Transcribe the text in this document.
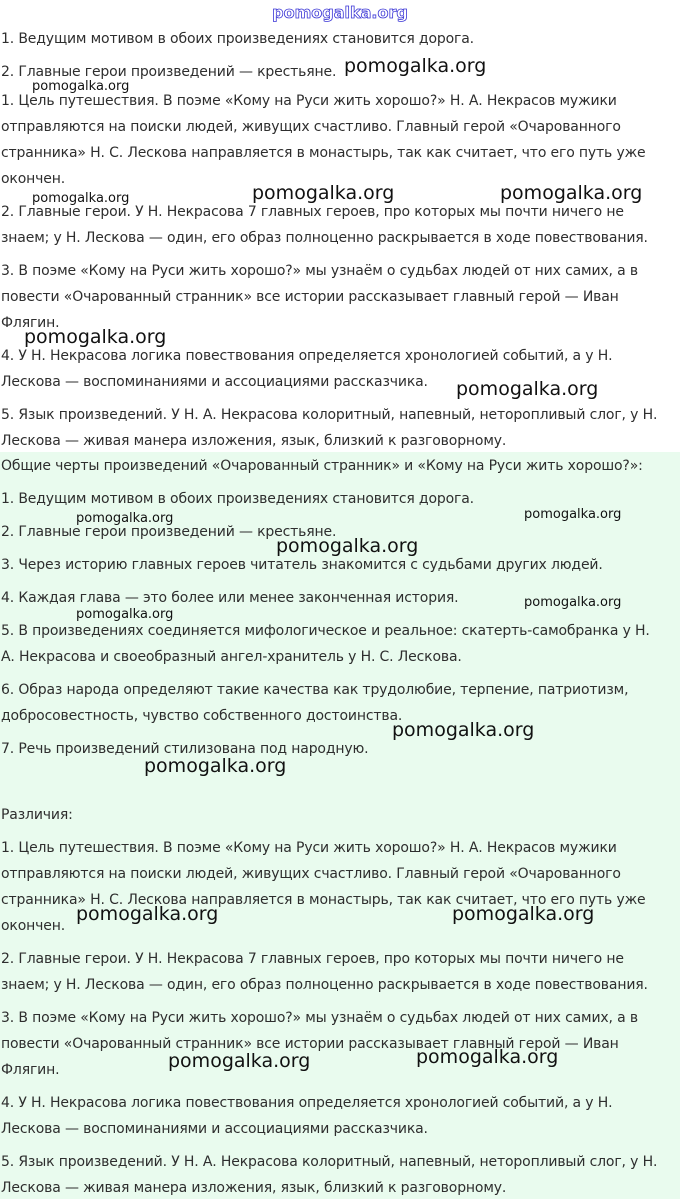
pomogalka.org
1. Ведущим мотивом в обоих произведениях становится дорога.
2. Главные герои произведений — крестьяне.
1. Цель путешествия. В поэме «Кому на Руси жить хорошо?» Н. А. Некрасов мужики
отправляются на поиски людей, живущих счастливо. Главный герой «Очарованного
странника» Н. С. Лескова направляется в монастырь, так как считает, что его путь уже
окончен.
2. Главные герои. У Н. Некрасова 7 главных героев, про которых мы почти ничего не
знаем; у Н. Лескова — один, его образ полноценно раскрывается в ходе повествования.
3. В поэме «Кому на Руси жить хорошо?» мы узнаём о судьбах людей от них самих, а в
повести «Очарованный странник» все истории рассказывает главный герой — Иван
Флягин.
4. У Н. Некрасова логика повествования определяется хронологией событий, а у Н.
Лескова — воспоминаниями и ассоциациями рассказчика.
5. Язык произведений. У Н. А. Некрасова колоритный, напевный, неторопливый слог, у Н.
Лескова — живая манера изложения, язык, близкий к разговорному.
Общие черты произведений «Очарованный странник» и «Кому на Руси жить хорошо?»:
1. Ведущим мотивом в обоих произведениях становится дорога.
2. Главные герои произведений — крестьяне.
3. Через историю главных героев читатель знакомится с судьбами других людей.
4. Каждая глава — это более или менее законченная история.
5. В произведениях соединяется мифологическое и реальное: скатерть-самобранка у Н.
А. Некрасова и своеобразный ангел-хранитель у Н. С. Лескова.
6. Образ народа определяют такие качества как трудолюбие, терпение, патриотизм,
добросовестность, чувство собственного достоинства.
7. Речь произведений стилизована под народную.
Различия:
1. Цель путешествия. В поэме «Кому на Руси жить хорошо?» Н. А. Некрасов мужики
отправляются на поиски людей, живущих счастливо. Главный герой «Очарованного
странника» Н. С. Лескова направляется в монастырь, так как считает, что его путь уже
окончен.
2. Главные герои. У Н. Некрасова 7 главных героев, про которых мы почти ничего не
знаем; у Н. Лескова — один, его образ полноценно раскрывается в ходе повествования.
3. В поэме «Кому на Руси жить хорошо?» мы узнаём о судьбах людей от них самих, а в
повести «Очарованный странник» все истории рассказывает главный герой — Иван
Флягин.
4. У Н. Некрасова логика повествования определяется хронологией событий, а у Н.
Лескова — воспоминаниями и ассоциациями рассказчика.
5. Язык произведений. У Н. А. Некрасова колоритный, напевный, неторопливый слог, у Н.
Лескова — живая манера изложения, язык, близкий к разговорному.
pomogalka.org
pomogalka.org
pomogalka.org	pomogalka.org	pomogalka.org
pomogalka.org
pomogalka.org
pomogalka.org	pomogalka.org
pomogalka.org
pomogalka.org
pomogalka.org
pomogalka.org
pomogalka.org
pomogalka.org	pomogalka.org
pomogalka.org	pomogalka.org
